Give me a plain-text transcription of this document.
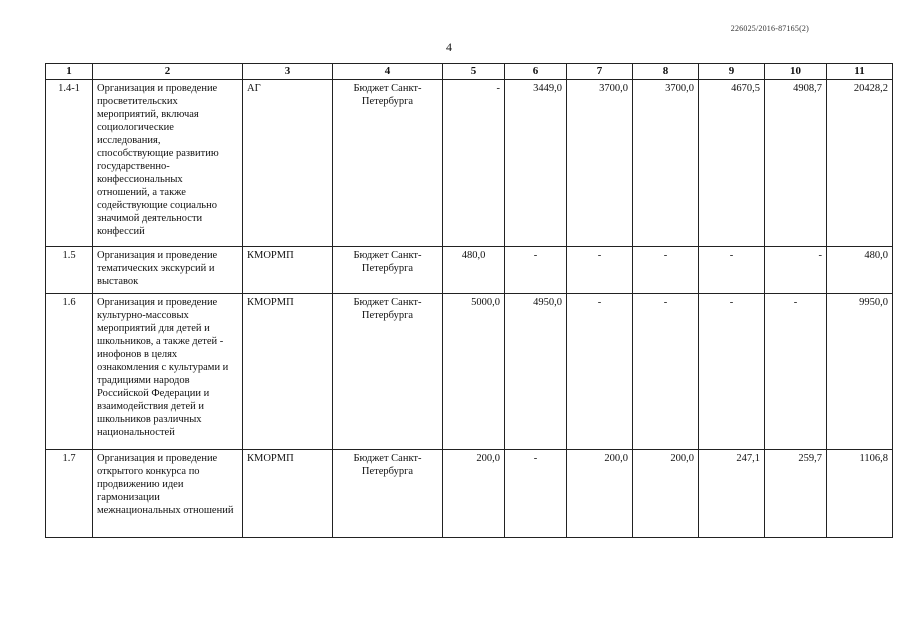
226025/2016-87165(2)
4
1	2	3	4	5	6	7	8	9	10	11
1.4-1	Организация и проведение просветительских мероприятий, включая социологические исследования, способствующие развитию государственно-конфессиональных отношений, а также содействующие социально значимой деятельности конфессий	АГ	Бюджет Санкт-Петербурга	-	3449,0	3700,0	3700,0	4670,5	4908,7	20428,2
1.5	Организация и проведение тематических экскурсий и выставок	КМОРМП	Бюджет Санкт-Петербурга	480,0	-	-	-	-	-	480,0
1.6	Организация и проведение культурно-массовых мероприятий для детей и школьников, а также детей - инофонов в целях ознакомления с культурами и традициями народов Российской Федерации и взаимодействия детей и школьников различных национальностей	КМОРМП	Бюджет Санкт-Петербурга	5000,0	4950,0	-	-	-	-	9950,0
1.7	Организация и проведение открытого конкурса по продвижению идеи гармонизации межнациональных отношений	КМОРМП	Бюджет Санкт-Петербурга	200,0	-	200,0	200,0	247,1	259,7	1106,8
